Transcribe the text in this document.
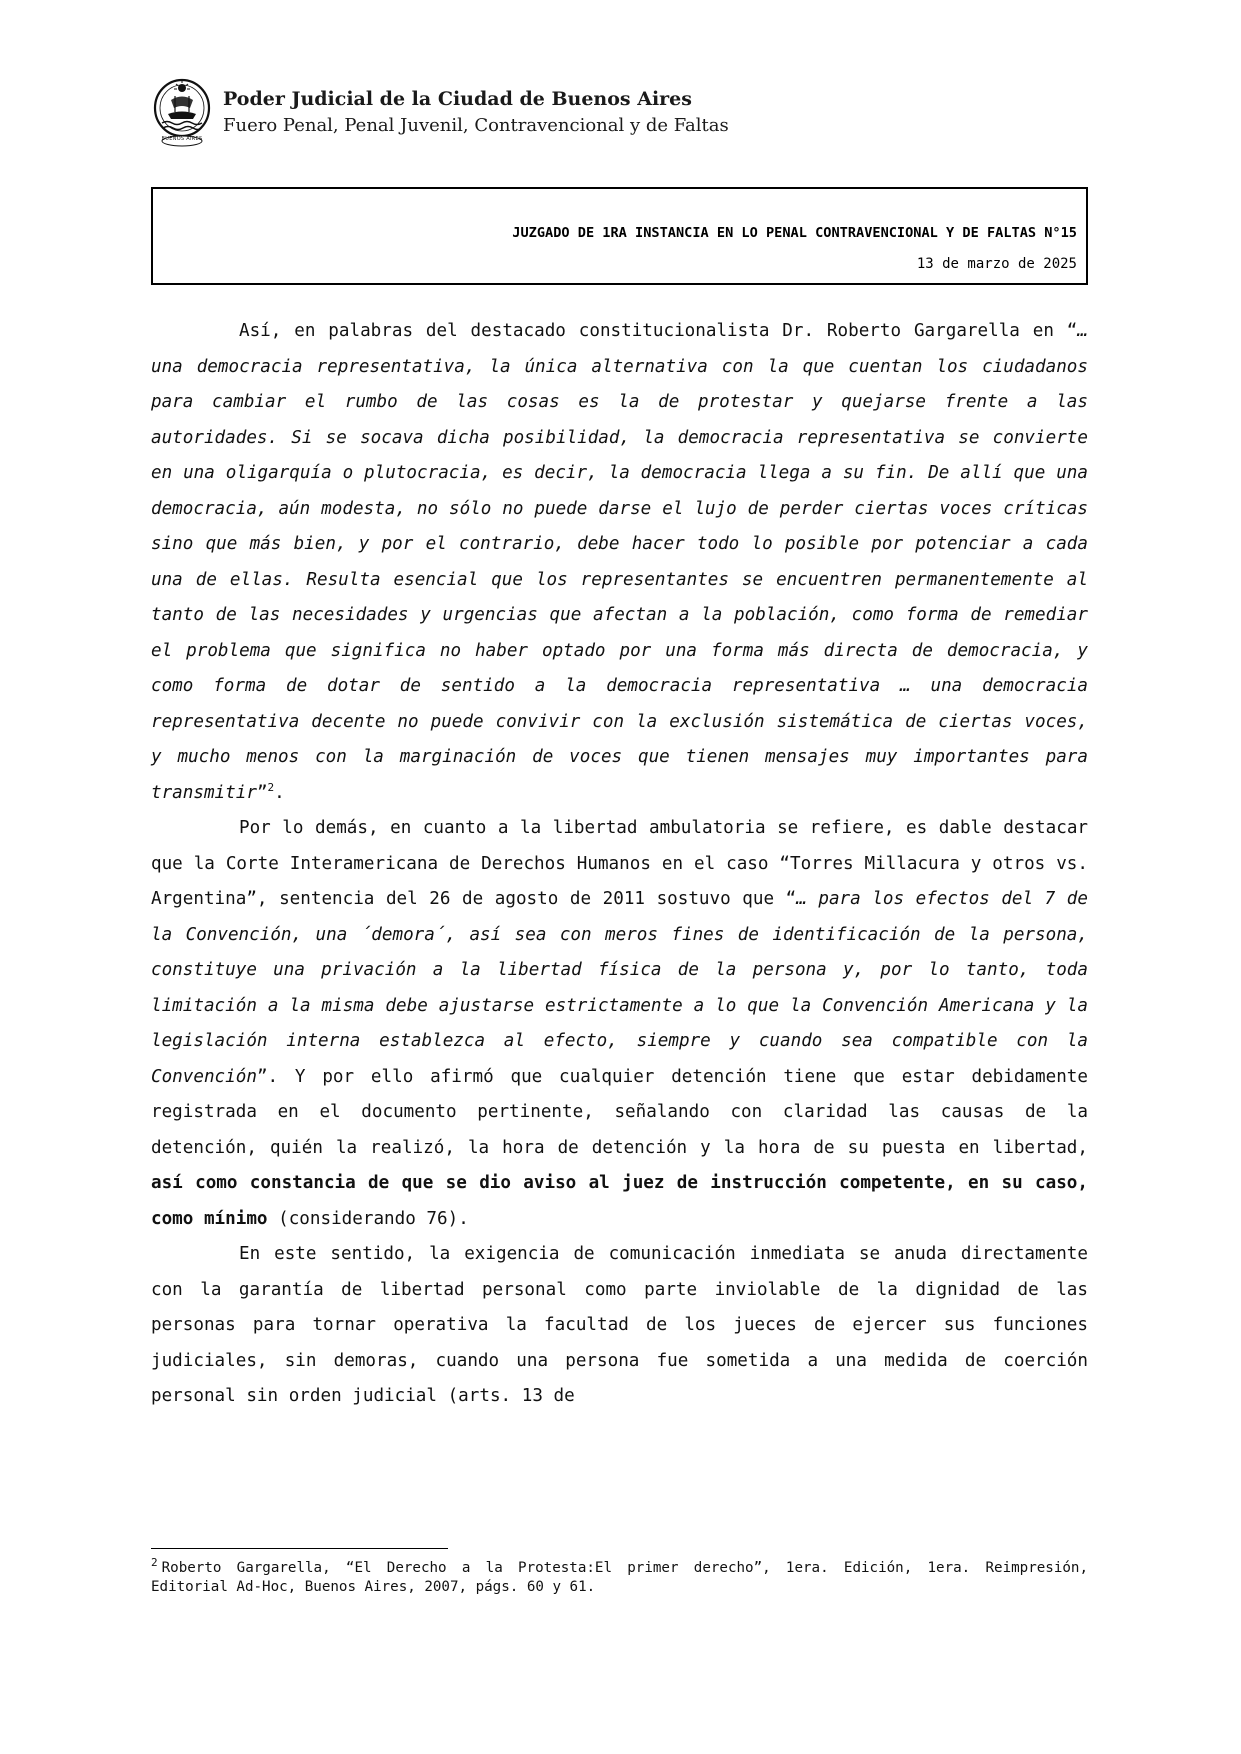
BUENOS AIRES
Poder Judicial de la Ciudad de Buenos Aires
Fuero Penal, Penal Juvenil, Contravencional y de Faltas
JUZGADO DE 1RA INSTANCIA EN LO PENAL CONTRAVENCIONAL Y DE FALTAS N°15
13 de marzo de 2025

Así, en palabras del destacado constitucionalista Dr. Roberto Gargarella en “… una democracia representativa, la única alternativa con la que cuentan los ciudadanos para cambiar el rumbo de las cosas es la de protestar y quejarse frente a las autoridades. Si se socava dicha posibilidad, la democracia representativa se convierte en una oligarquía o plutocracia, es decir, la democracia llega a su fin. De allí que una democracia, aún modesta, no sólo no puede darse el lujo de perder ciertas voces críticas sino que más bien, y por el contrario, debe hacer todo lo posible por potenciar a cada una de ellas. Resulta esencial que los representantes se encuentren permanentemente al tanto de las necesidades y urgencias que afectan a la población, como forma de remediar el problema que significa no haber optado por una forma más directa de democracia, y como forma de dotar de sentido a la democracia representativa … una democracia representativa decente no puede convivir con la exclusión sistemática de ciertas voces, y mucho menos con la marginación de voces que tienen mensajes muy importantes para transmitir”$^2$.

Por lo demás, en cuanto a la libertad ambulatoria se refiere, es dable destacar que la Corte Interamericana de Derechos Humanos en el caso “Torres Millacura y otros vs. Argentina”, sentencia del 26 de agosto de 2011 sostuvo que “… para los efectos del 7 de la Convención, una ´demora´, así sea con meros fines de identificación de la persona, constituye una privación a la libertad física de la persona y, por lo tanto, toda limitación a la misma debe ajustarse estrictamente a lo que la Convención Americana y la legislación interna establezca al efecto, siempre y cuando sea compatible con la Convención”. Y por ello afirmó que cualquier detención tiene que estar debidamente registrada en el documento pertinente, señalando con claridad las causas de la detención, quién la realizó, la hora de detención y la hora de su puesta en libertad, así como constancia de que se dio aviso al juez de instrucción competente, en su caso, como mínimo (considerando 76).

En este sentido, la exigencia de comunicación inmediata se anuda directamente con la garantía de libertad personal como parte inviolable de la dignidad de las personas para tornar operativa la facultad de los jueces de ejercer sus funciones judiciales, sin demoras, cuando una persona fue sometida a una medida de coerción personal sin orden judicial (arts. 13 de

$^2$ Roberto Gargarella, “El Derecho a la Protesta:El primer derecho”, 1era. Edición, 1era. Reimpresión, Editorial Ad-Hoc, Buenos Aires, 2007, págs. 60 y 61.
